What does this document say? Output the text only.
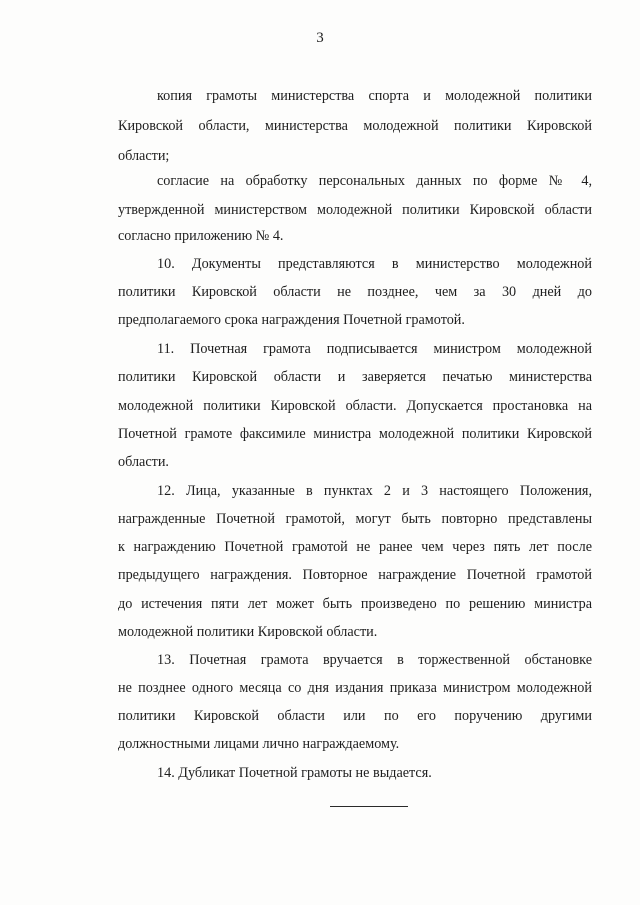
3
копия грамоты министерства спорта и молодежной политики
Кировской области, министерства молодежной политики Кировской
области;
согласие на обработку персональных данных по форме № 4,
утвержденной министерством молодежной политики Кировской области
согласно приложению № 4.
10. Документы представляются в министерство молодежной
политики Кировской области не позднее, чем за 30 дней до
предполагаемого срока награждения Почетной грамотой.
11. Почетная грамота подписывается министром молодежной
политики Кировской области и заверяется печатью министерства
молодежной политики Кировской области. Допускается простановка на
Почетной грамоте факсимиле министра молодежной политики Кировской
области.
12. Лица, указанные в пунктах 2 и 3 настоящего Положения,
награжденные Почетной грамотой, могут быть повторно представлены
к награждению Почетной грамотой не ранее чем через пять лет после
предыдущего награждения. Повторное награждение Почетной грамотой
до истечения пяти лет может быть произведено по решению министра
молодежной политики Кировской области.
13. Почетная грамота вручается в торжественной обстановке
не позднее одного месяца со дня издания приказа министром молодежной
политики Кировской области или по его поручению другими
должностными лицами лично награждаемому.
14. Дубликат Почетной грамоты не выдается.
